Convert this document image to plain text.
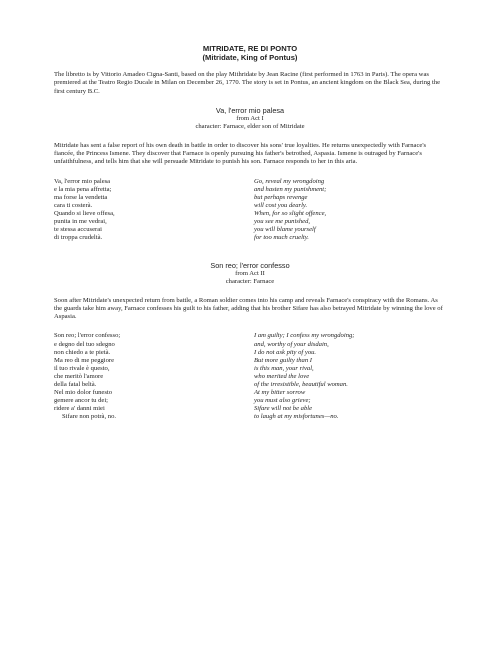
MITRIDATE, RE DI PONTO
(Mitridate, King of Pontus)

The libretto is by Vittorio Amadeo Cigna-Santi, based on the play Mithridate by Jean Racine (first performed in 1763 in Paris). The opera was premiered at the Teatro Regio Ducale in Milan on December 26, 1770. The story is set in Pontus, an ancient kingdom on the Black Sea, during the first century B.C.

Va, l'error mio palesa
from Act I
character: Farnace, elder son of Mitridate

Mitridate has sent a false report of his own death in battle in order to discover his sons' true loyalties. He returns unexpectedly with Farnace's fiancée, the Princess Ismene. They discover that Farnace is openly pursuing his father's betrothed, Aspasia. Ismene is outraged by Farnace's unfaithfulness, and tells him that she will persuade Mitridate to punish his son. Farnace responds to her in this aria.

Va, l'error mio palesa
e la mia pena affretta;
ma forse la vendetta
cara ti costerà.
Quando si lieve offesa,
punita in me vedrai,
te stessa accuserai
di troppa crudeltà.
Go, reveal my wrongdoing
and hasten my punishment;
but perhaps revenge
will cost you dearly.
When, for so slight offence,
you see me punished,
you will blame yourself
for too much cruelty.
Son reo; l'error confesso
from Act II
character: Farnace

Soon after Mitridate's unexpected return from battle, a Roman soldier comes into his camp and reveals Farnace's conspiracy with the Romans. As the guards take him away, Farnace confesses his guilt to his father, adding that his brother Sifare has also betrayed Mitridate by winning the love of Aspasia.

Son reo; l'error confesso;
e degno del tuo sdegno
non chiedo a te pietà.
Ma reo di me peggiore
il tuo rivale è questo,
che meritò l'amore
della fatal beltà.
Nel mio dolor funesto
gemere ancor tu dei;
ridere a' danni miei
Sifare non potrà, no.
I am guilty; I confess my wrongdoing;
and, worthy of your disdain,
I do not ask pity of you.
But more guilty than I
is this man, your rival,
who merited the love
of the irresistible, beautiful woman.
At my bitter sorrow
you must also grieve;
Sifare will not be able
to laugh at my misfortunes—no.
